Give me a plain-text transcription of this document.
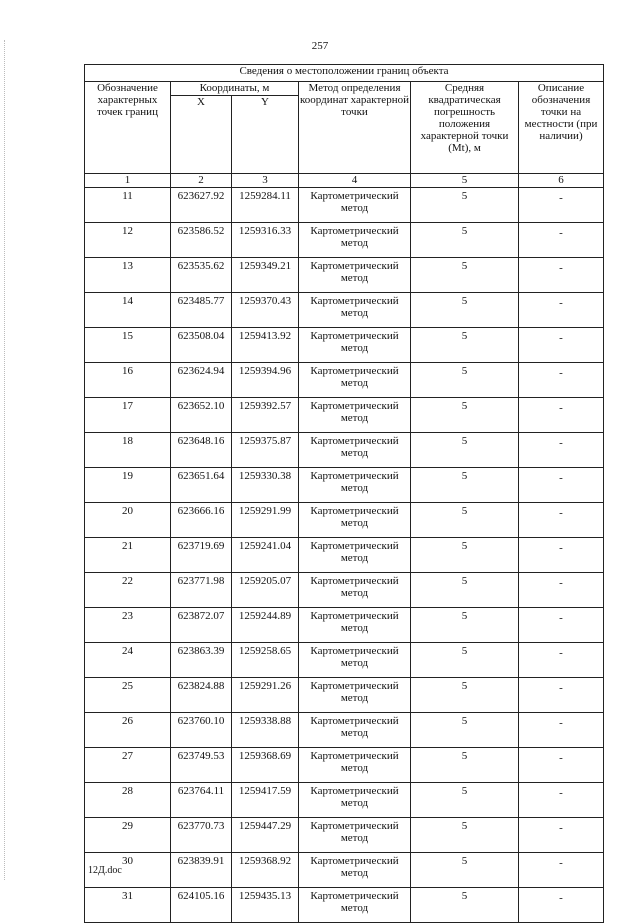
257
Сведения о местоположении границ объекта					
Обозначение характерных точек границ	Координаты, м		Метод определения координат характерной точки	Средняя квадратическая погрешность положения характерной точки (Mt), м	Описание обозначения точки на местности (при наличии)
	X	Y			
1	2	3	4	5	6
11	623627.92	1259284.11	Картометрический метод	5	-
12	623586.52	1259316.33	Картометрический метод	5	-
13	623535.62	1259349.21	Картометрический метод	5	-
14	623485.77	1259370.43	Картометрический метод	5	-
15	623508.04	1259413.92	Картометрический метод	5	-
16	623624.94	1259394.96	Картометрический метод	5	-
17	623652.10	1259392.57	Картометрический метод	5	-
18	623648.16	1259375.87	Картометрический метод	5	-
19	623651.64	1259330.38	Картометрический метод	5	-
20	623666.16	1259291.99	Картометрический метод	5	-
21	623719.69	1259241.04	Картометрический метод	5	-
22	623771.98	1259205.07	Картометрический метод	5	-
23	623872.07	1259244.89	Картометрический метод	5	-
24	623863.39	1259258.65	Картометрический метод	5	-
25	623824.88	1259291.26	Картометрический метод	5	-
26	623760.10	1259338.88	Картометрический метод	5	-
27	623749.53	1259368.69	Картометрический метод	5	-
28	623764.11	1259417.59	Картометрический метод	5	-
29	623770.73	1259447.29	Картометрический метод	5	-
30	623839.91	1259368.92	Картометрический метод	5	-
31	624105.16	1259435.13	Картометрический метод	5	-
12Д.doc
